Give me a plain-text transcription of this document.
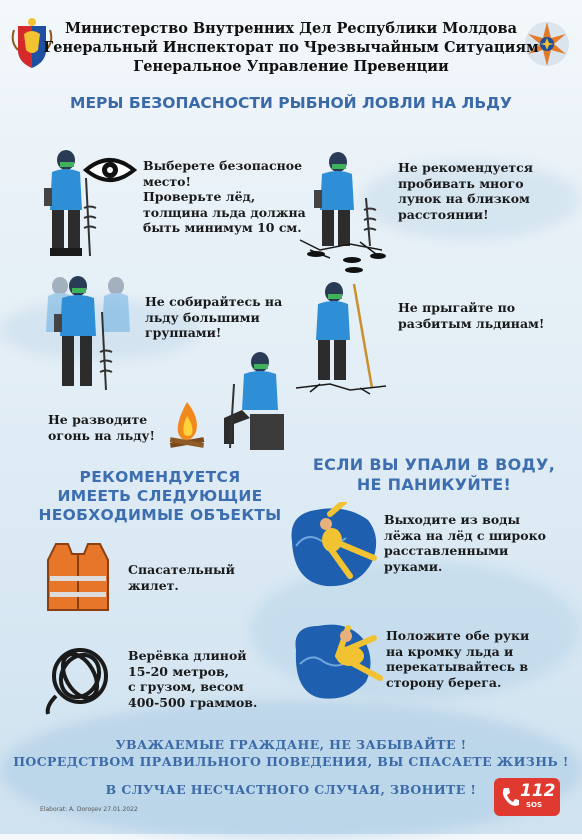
Министерство Внутренних Дел Республики Молдова
Генеральный Инспекторат по Чрезвычайным Ситуациям
Генеральное Управление Превенции
МЕРЫ БЕЗОПАСНОСТИ РЫБНОЙ ЛОВЛИ НА ЛЬДУ
Выберете безопасное
место!
Проверьте лёд,
толщина льда должна
быть минимум 10 см.
Не рекомендуется
пробивать много
лунок на близком
расстоянии!
Не собирайтесь на
льду большими
группами!
Не прыгайте по
разбитым льдинам!
Не разводите
огонь на льду!
РЕКОМЕНДУЕТСЯ
ИМЕЕТЬ СЛЕДУЮЩИЕ
НЕОБХОДИМЫЕ ОБЪЕКТЫ
Спасательный
жилет.
Верёвка длиной
15-20 метров,
с грузом, весом
400-500 граммов.
ЕСЛИ ВЫ УПАЛИ В ВОДУ,
НЕ ПАНИКУЙТЕ!
Выходите из воды
лёжа на лёд с широко
расставленными
руками.
Положите обе руки
на кромку льда и
перекатывайтесь в
сторону берега.
УВАЖАЕМЫЕ ГРАЖДАНЕ, НЕ ЗАБЫВАЙТЕ !
ПОСРЕДСТВОМ ПРАВИЛЬНОГО ПОВЕДЕНИЯ, ВЫ СПАСАЕТЕ ЖИЗНЬ !
В СЛУЧАЕ НЕСЧАСТНОГО СЛУЧАЯ, ЗВОНИТЕ !
Elaborat: A. Doroșev 27.01.2022
112
SOS
